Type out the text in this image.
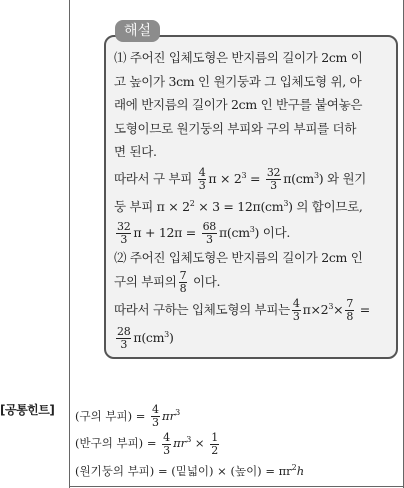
해설
⑴ 주어진 입체도형은 반지름의 길이가 2cm 이
고 높이가 3cm 인 원기둥과 그 입체도형 위, 아
래에 반지름의 길이가 2cm 인 반구를 붙여놓은
도형이므로 원기둥의 부피와 구의 부피를 더하
면 된다.
따라서 구 부피 $\frac{4}{3}$ $\pi \times 2^3 = \frac{32}{3} \pi(cm^3)$ 와 원기
둥 부피 $\pi \times 2^2 \times 3 = 12\pi(cm^3)$ 의 합이므로,
$\frac{32}{3}$ $\pi + 12\pi = \frac{68}{3} \pi(cm^3)$ 이다.
⑵ 주어진 입체도형은 반지름의 길이가 2cm 인
구의 부피의 $\frac{7}{8}$ 이다.
따라서 구하는 입체도형의 부피는 $\frac{4}{3} \pi\times 2^3\times \frac{7}{8}$ =
$\frac{28}{3} \pi(cm^3)$
[공통힌트] (구의 부피) = $\frac{4}{3} \pi r^3$
(반구의 부피) = $\frac{4}{3} \pi r^3 \times \frac{1}{2}$
(원기둥의 부피) = (밑넓이) × (높이) = $\pi r^2h$
